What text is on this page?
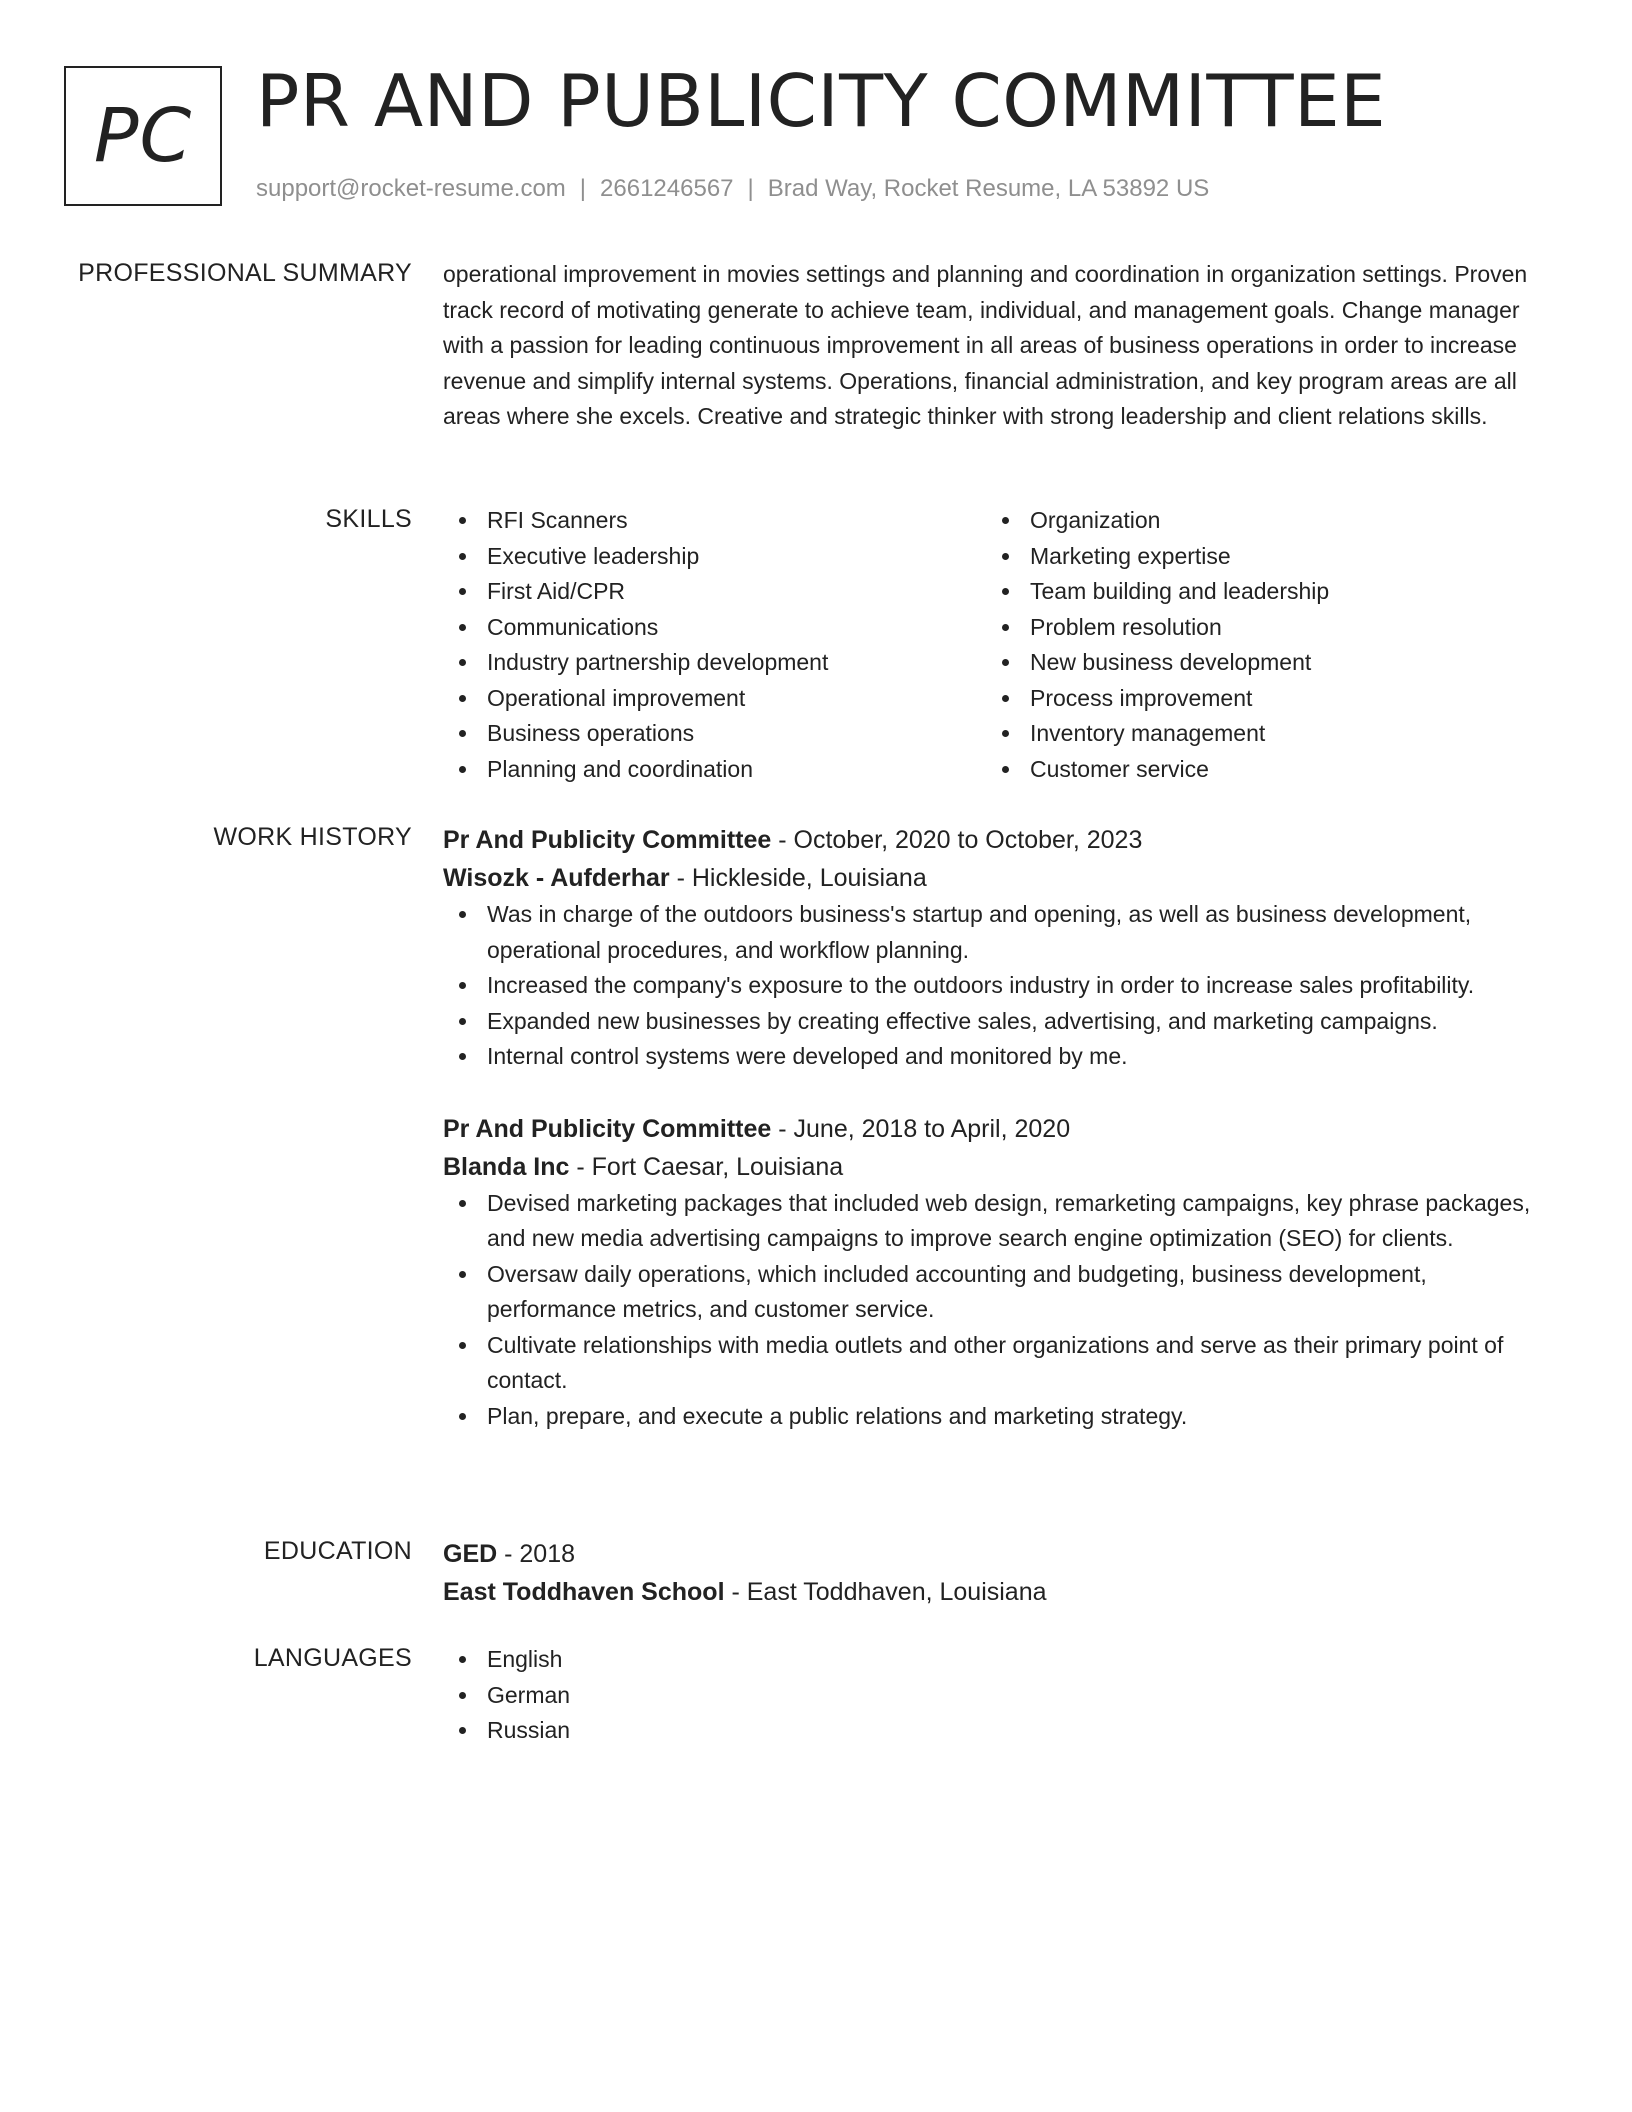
PC PR AND PUBLICITY COMMITTEE
support@rocket-resume.com | 2661246567 | Brad Way, Rocket Resume, LA 53892 US
PROFESSIONAL SUMMARY operational improvement in movies settings and planning and coordination in organization settings. Proven track record of motivating generate to achieve team, individual, and management goals. Change manager with a passion for leading continuous improvement in all areas of business operations in order to increase revenue and simplify internal systems. Operations, financial administration, and key program areas are all areas where she excels. Creative and strategic thinker with strong leadership and client relations skills.

SKILLS	RFI Scanners
Executive leadership
First Aid/CPR
Communications
Industry partnership development
Operational improvement
Business operations
Planning and coordination
Organization
Marketing expertise
Team building and leadership
Problem resolution
New business development
Process improvement
Inventory management
Customer service
WORK HISTORY Pr And Publicity Committee - October, 2020 to October, 2023
Wisozk - Aufderhar - Hickleside, Louisiana
Was in charge of the outdoors business's startup and opening, as well as business development, operational procedures, and workflow planning.
Increased the company's exposure to the outdoors industry in order to increase sales profitability.
Expanded new businesses by creating effective sales, advertising, and marketing campaigns.
Internal control systems were developed and monitored by me.
Pr And Publicity Committee - June, 2018 to April, 2020
Blanda Inc - Fort Caesar, Louisiana
Devised marketing packages that included web design, remarketing campaigns, key phrase packages, and new media advertising campaigns to improve search engine optimization (SEO) for clients.
Oversaw daily operations, which included accounting and budgeting, business development, performance metrics, and customer service.
Cultivate relationships with media outlets and other organizations and serve as their primary point of contact.
Plan, prepare, and execute a public relations and marketing strategy.
EDUCATION GED - 2018
East Toddhaven School - East Toddhaven, Louisiana
LANGUAGES	English
German
Russian
